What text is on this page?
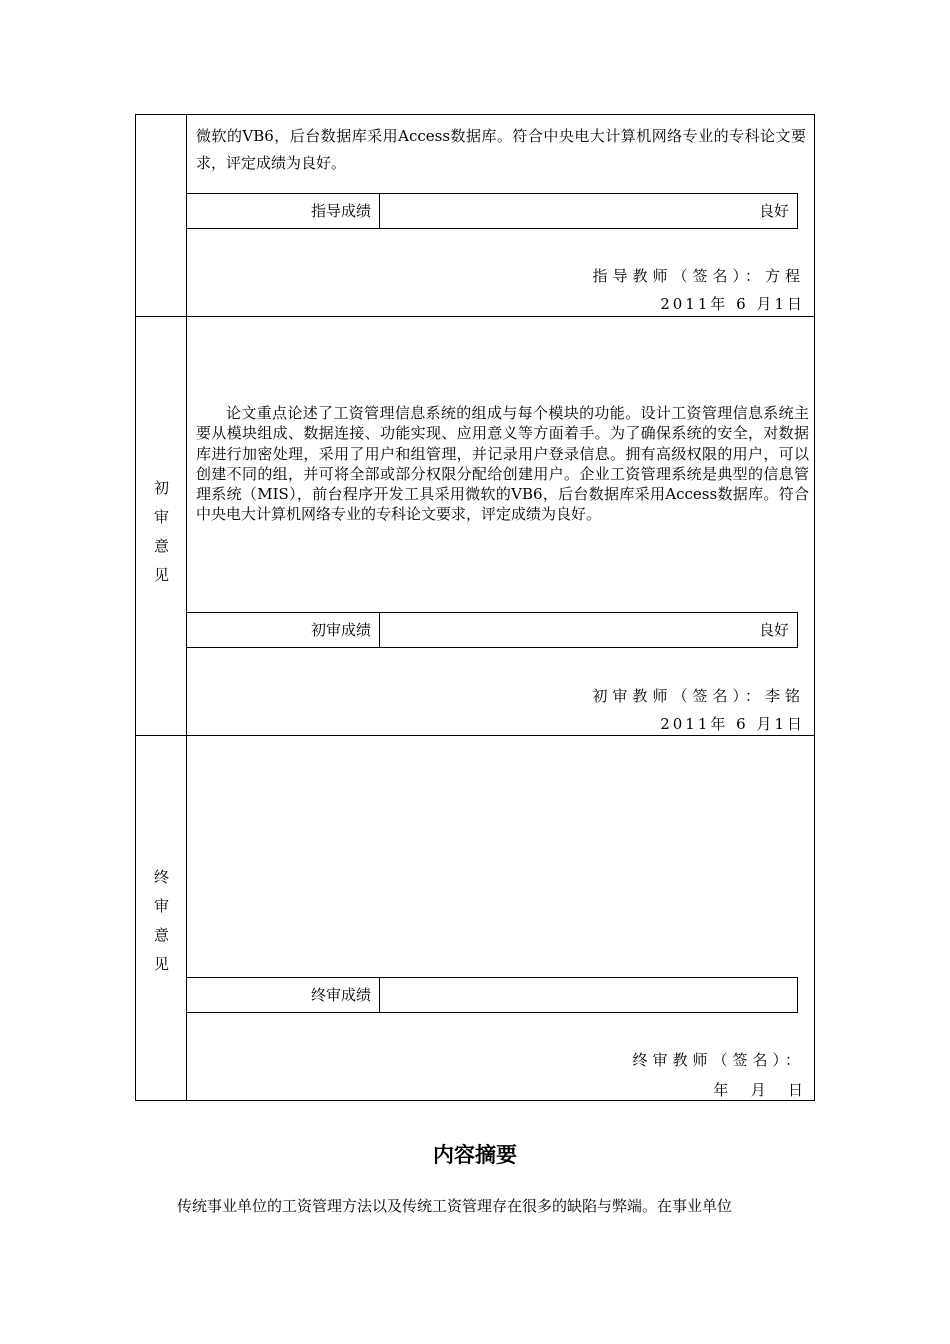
微软的VB6，后台数据库采用Access数据库。符合中央电大计算机网络专业的专科论文要求，评定成绩为良好。
指导成绩	良好
指导教师（签名）：方程
2011年 6 月1日
初
审
意
见
论文重点论述了工资管理信息系统的组成与每个模块的功能。设计工资管理信息系统主要从模块组成、数据连接、功能实现、应用意义等方面着手。为了确保系统的安全，对数据库进行加密处理，采用了用户和组管理，并记录用户登录信息。拥有高级权限的用户，可以创建不同的组，并可将全部或部分权限分配给创建用户。企业工资管理系统是典型的信息管理系统（MIS），前台程序开发工具采用微软的VB6，后台数据库采用Access数据库。符合中央电大计算机网络专业的专科论文要求，评定成绩为良好。
初审成绩	良好
初审教师（签名）：李铭
2011年 6 月1日
终
审
意
见
终审成绩
终审教师（签名）：
年   月   日
内容摘要
传统事业单位的工资管理方法以及传统工资管理存在很多的缺陷与弊端。在事业单位
